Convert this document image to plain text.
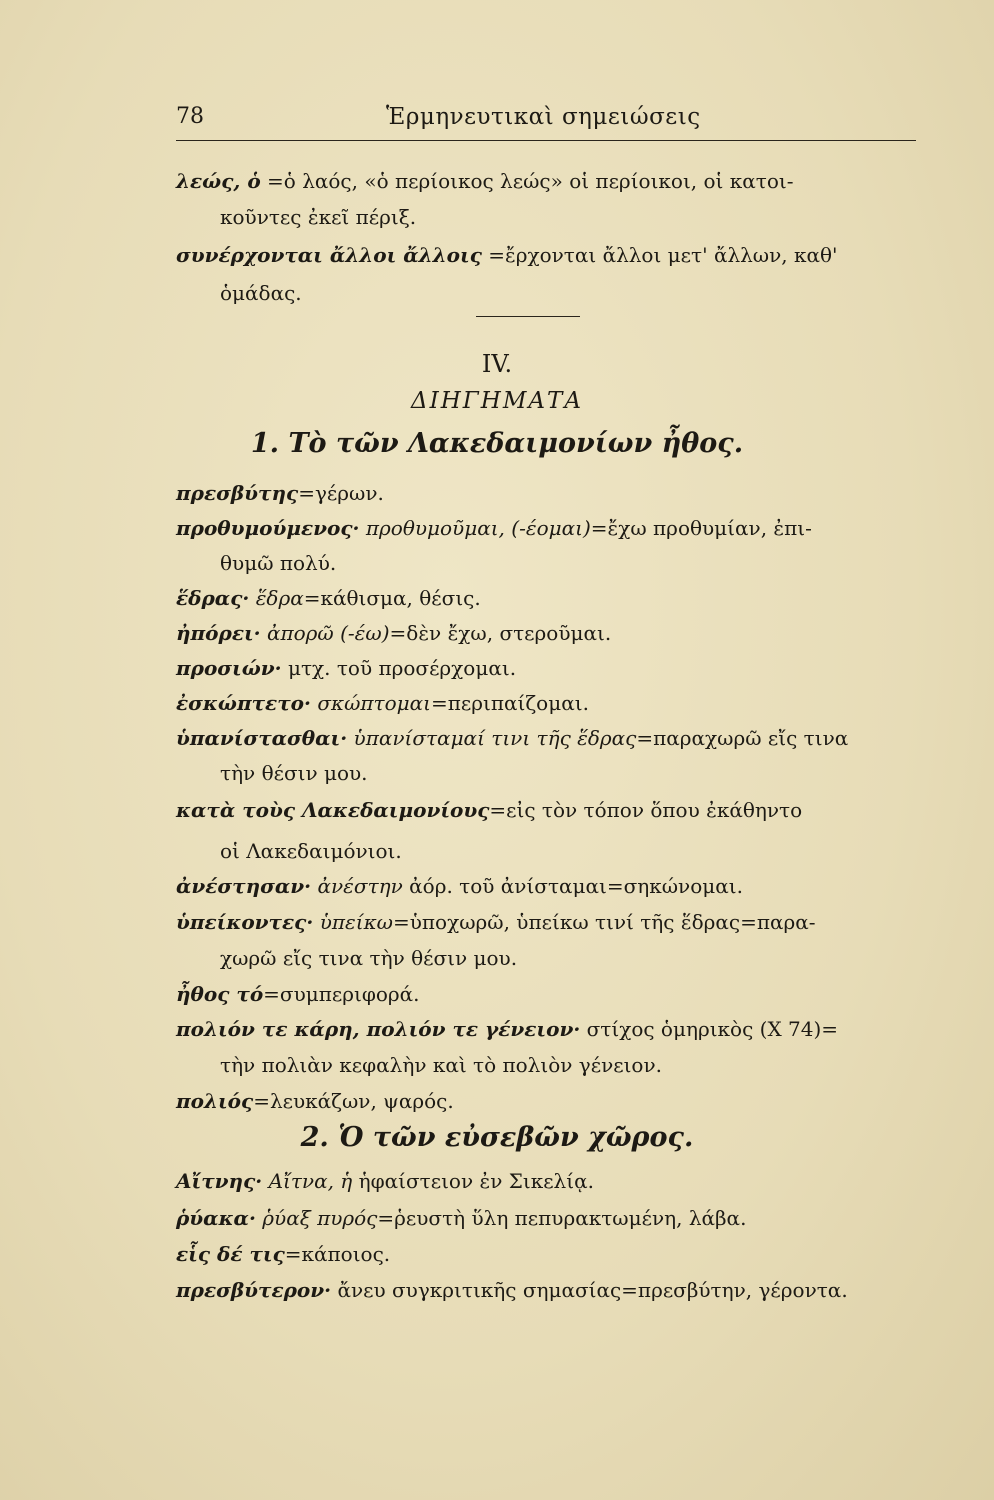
78	Ἑρμηνευτικαὶ σημειώσεις
λεώς, ὁ =ὁ λαός, «ὁ περίοικος λεώς» οἱ περίοικοι, οἱ κατοι-
κοῦντες ἐκεῖ πέριξ.
συνέρχονται ἄλλοι ἄλλοις =ἔρχονται ἄλλοι μετ' ἄλλων, καθ'
ὁμάδας.
IV.
ΔΙΗΓΗΜΑΤΑ
1. Τὸ τῶν Λακεδαιμονίων ἦθος.
πρεσβύτης=γέρων.
προθυμούμενος· προθυμοῦμαι, (-έομαι)=ἔχω προθυμίαν, ἐπι-
θυμῶ πολύ.
ἕδρας· ἕδρα=κάθισμα, θέσις.
ἠπόρει· ἀπορῶ (-έω)=δὲν ἔχω, στεροῦμαι.
προσιών· μτχ. τοῦ προσέρχομαι.
ἐσκώπτετο· σκώπτομαι=περιπαίζομαι.
ὑπανίστασθαι· ὑπανίσταμαί τινι τῆς ἕδρας=παραχωρῶ εἴς τινα
τὴν θέσιν μου.
κατὰ τοὺς Λακεδαιμονίους=εἰς τὸν τόπον ὅπου ἐκάθηντο
οἱ Λακεδαιμόνιοι.
ἀνέστησαν· ἀνέστην ἀόρ. τοῦ ἀνίσταμαι=σηκώνομαι.
ὑπείκοντες· ὑπείκω=ὑποχωρῶ, ὑπείκω τινί τῆς ἕδρας=παρα-
χωρῶ εἴς τινα τὴν θέσιν μου.
ἦθος τό=συμπεριφορά.
πολιόν τε κάρη, πολιόν τε γένειον· στίχος ὁμηρικὸς (Χ 74)=
τὴν πολιὰν κεφαλὴν καὶ τὸ πολιὸν γένειον.
πολιός=λευκάζων, ψαρός.
2. Ὁ τῶν εὐσεβῶν χῶρος.
Αἴτνης· Αἴτνα, ἡ ἡφαίστειον ἐν Σικελίᾳ.
ῥύακα· ῥύαξ πυρός=ῥευστὴ ὕλη πεπυρακτωμένη, λάβα.
εἷς δέ τις=κάποιος.
πρεσβύτερον· ἄνευ συγκριτικῆς σημασίας=πρεσβύτην, γέροντα.
